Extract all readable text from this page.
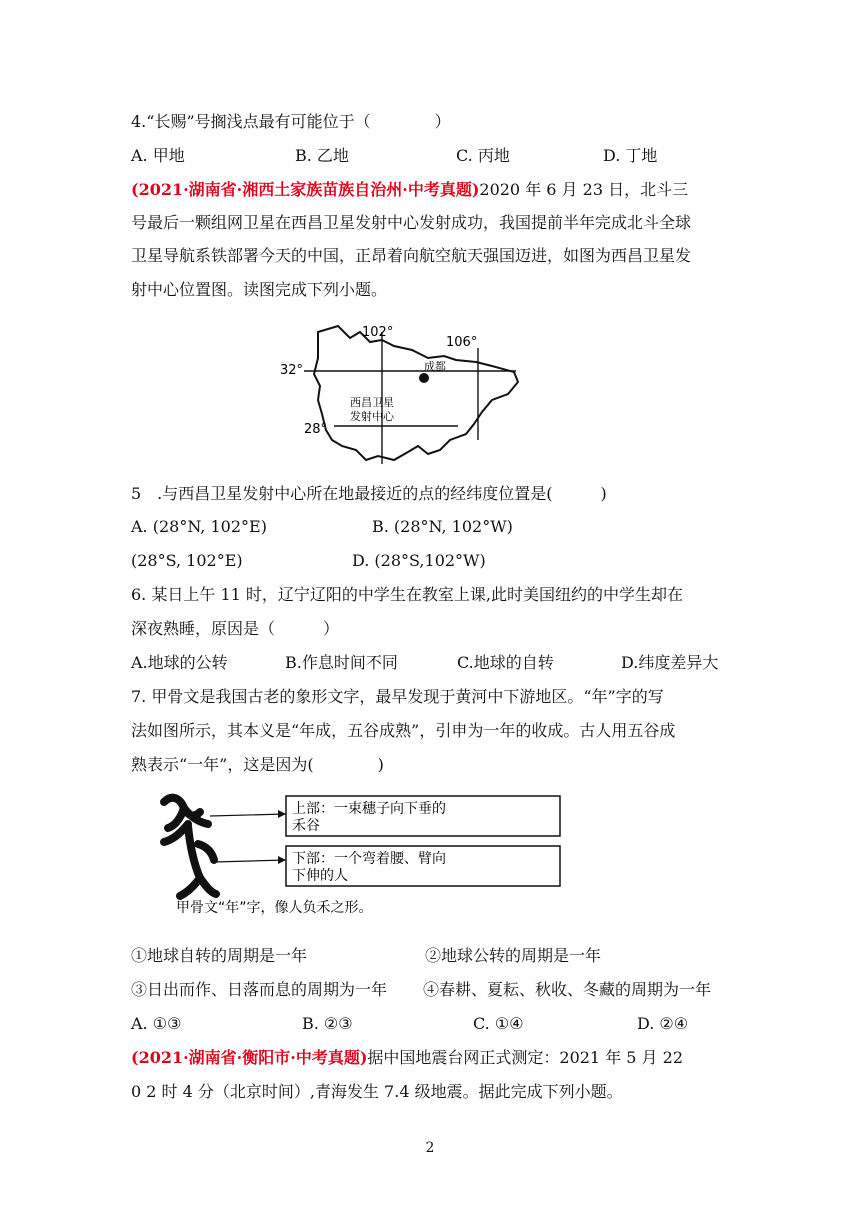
4.“长赐”号搁浅点最有可能位于（　　　　）
A. 甲地	B. 乙地	C. 丙地	D. 丁地
(2021·湖南省·湘西土家族苗族自治州·中考真题)2020 年 6 月 23 日，北斗三
号最后一颗组网卫星在西昌卫星发射中心发射成功，我国提前半年完成北斗全球
卫星导航系铁部署今天的中国，正昂着向航空航天强国迈进，如图为西昌卫星发
射中心位置图。读图完成下列小题。
102°
106°
32°
28°
成都
西昌卫星
发射中心
5　.与西昌卫星发射中心所在地最接近的点的经纬度位置是(　　　)
A. (28°N, 102°E)	B. (28°N, 102°W)
(28°S, 102°E)	D. (28°S,102°W)
6. 某日上午 11 时，辽宁辽阳的中学生在教室上课,此时美国纽约的中学生却在
深夜熟睡，原因是（　　　）
A.地球的公转	B.作息时间不同	C.地球的自转	D.纬度差异大
7. 甲骨文是我国古老的象形文字，最早发现于黄河中下游地区。“年”字的写
法如图所示，其本义是“年成，五谷成熟”，引申为一年的收成。古人用五谷成
熟表示“一年”，这是因为(　　　　)
上部：一束穗子向下垂的
禾谷
下部：一个弯着腰、臂向
下伸的人
甲骨文“年”字，像人负禾之形。
①地球自转的周期是一年	②地球公转的周期是一年
③日出而作、日落而息的周期为一年 ④春耕、夏耘、秋收、冬藏的周期为一年
A. ①③	B. ②③	C. ①④	D. ②④
(2021·湖南省·衡阳市·中考真题)据中国地震台网正式测定：2021 年 5 月 22
0 2 时 4 分（北京时间）,青海发生 7.4 级地震。据此完成下列小题。
2
